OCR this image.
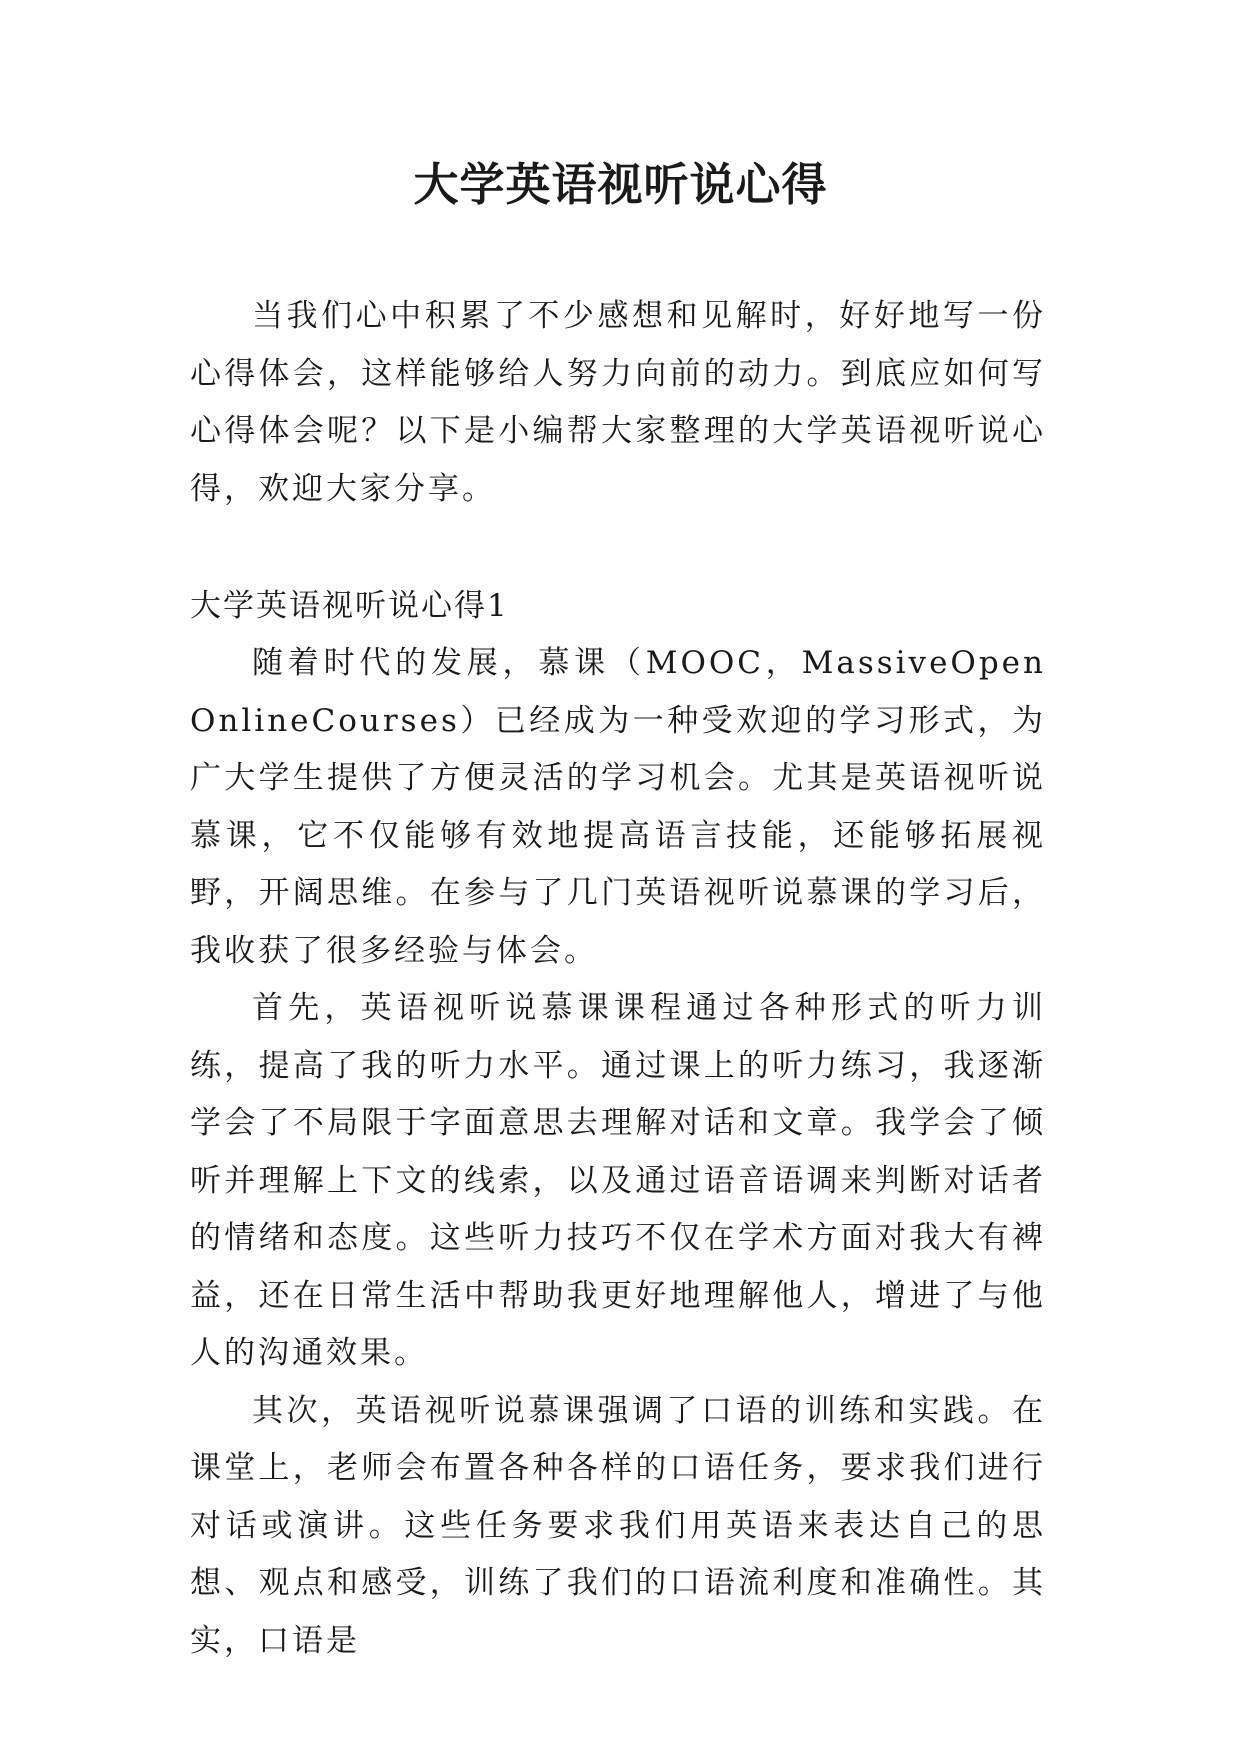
大学英语视听说心得

当我们心中积累了不少感想和见解时，好好地写一份心得体会，这样能够给人努力向前的动力。到底应如何写心得体会呢？以下是小编帮大家整理的大学英语视听说心得，欢迎大家分享。

大学英语视听说心得1

随着时代的发展，慕课（MOOC，MassiveOpenOnlineCourses）已经成为一种受欢迎的学习形式，为广大学生提供了方便灵活的学习机会。尤其是英语视听说慕课，它不仅能够有效地提高语言技能，还能够拓展视野，开阔思维。在参与了几门英语视听说慕课的学习后，我收获了很多经验与体会。

首先，英语视听说慕课课程通过各种形式的听力训练，提高了我的听力水平。通过课上的听力练习，我逐渐学会了不局限于字面意思去理解对话和文章。我学会了倾听并理解上下文的线索，以及通过语音语调来判断对话者的情绪和态度。这些听力技巧不仅在学术方面对我大有裨益，还在日常生活中帮助我更好地理解他人，增进了与他人的沟通效果。

其次，英语视听说慕课强调了口语的训练和实践。在课堂上，老师会布置各种各样的口语任务，要求我们进行对话或演讲。这些任务要求我们用英语来表达自己的思想、观点和感受，训练了我们的口语流利度和准确性。其实，口语是
